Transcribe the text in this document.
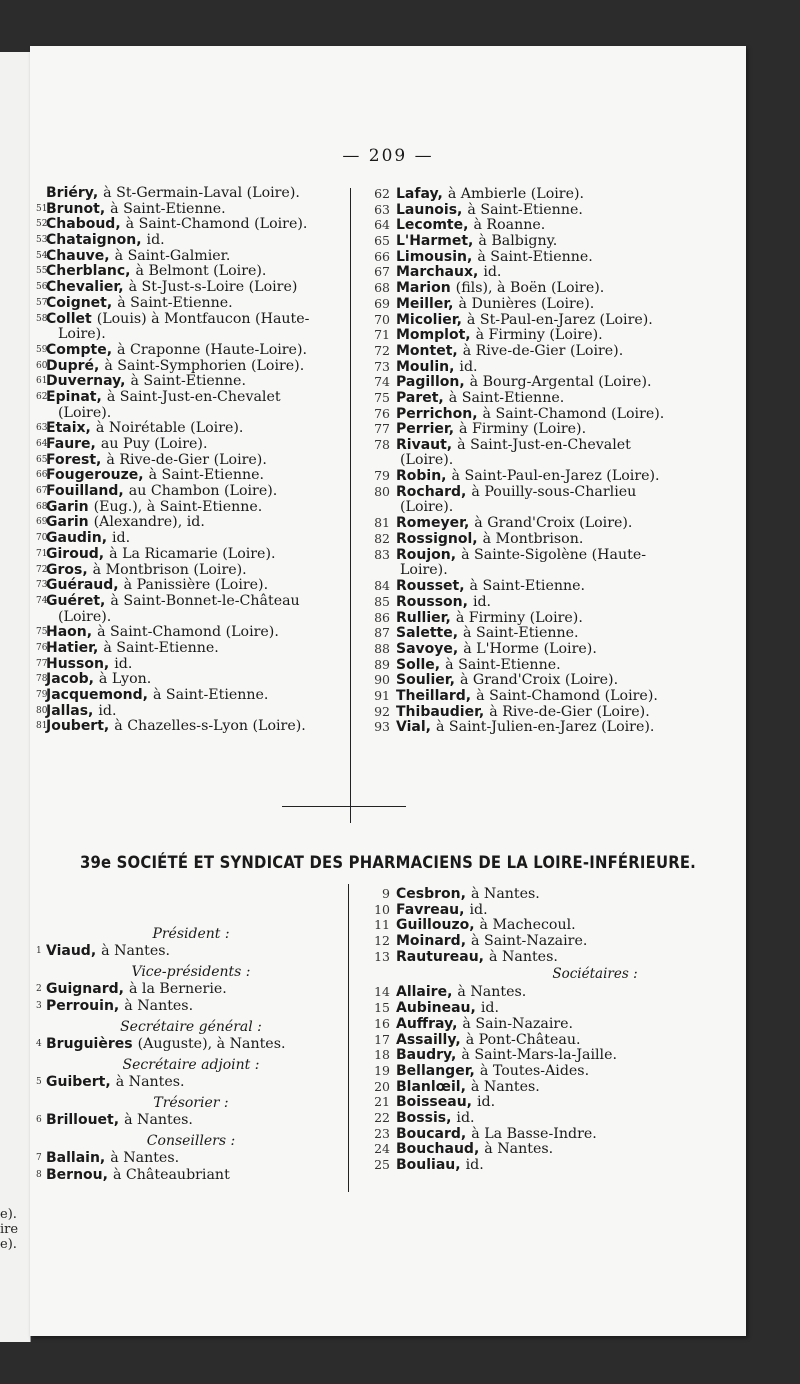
e).
ire
e).
— 209 —
Briéry, à St-Germain-Laval (Loire).
51Brunot, à Saint-Etienne.
52Chaboud, à Saint-Chamond (Loire).
53Chataignon, id.
54Chauve, à Saint-Galmier.
55Cherblanc, à Belmont (Loire).
56Chevalier, à St-Just-s-Loire (Loire)
57Coignet, à Saint-Etienne.
58Collet (Louis) à Montfaucon (Haute-
Loire).
59Compte, à Craponne (Haute-Loire).
60Dupré, à Saint-Symphorien (Loire).
61Duvernay, à Saint-Etienne.
62Epinat, à Saint-Just-en-Chevalet
(Loire).
63Etaix, à Noirétable (Loire).
64Faure, au Puy (Loire).
65Forest, à Rive-de-Gier (Loire).
66Fougerouze, à Saint-Etienne.
67Fouilland, au Chambon (Loire).
68Garin (Eug.), à Saint-Etienne.
69Garin (Alexandre), id.
70Gaudin, id.
71Giroud, à La Ricamarie (Loire).
72Gros, à Montbrison (Loire).
73Guéraud, à Panissière (Loire).
74Guéret, à Saint-Bonnet-le-Château
(Loire).
75Haon, à Saint-Chamond (Loire).
76Hatier, à Saint-Etienne.
77Husson, id.
78Jacob, à Lyon.
79Jacquemond, à Saint-Etienne.
80Jallas, id.
81Joubert, à Chazelles-s-Lyon (Loire).
62 Lafay, à Ambierle (Loire).
63 Launois, à Saint-Etienne.
64 Lecomte, à Roanne.
65 L'Harmet, à Balbigny.
66 Limousin, à Saint-Etienne.
67 Marchaux, id.
68 Marion (fils), à Boën (Loire).
69 Meiller, à Dunières (Loire).
70 Micolier, à St-Paul-en-Jarez (Loire).
71 Momplot, à Firminy (Loire).
72 Montet, à Rive-de-Gier (Loire).
73 Moulin, id.
74 Pagillon, à Bourg-Argental (Loire).
75 Paret, à Saint-Etienne.
76 Perrichon, à Saint-Chamond (Loire).
77 Perrier, à Firminy (Loire).
78 Rivaut, à Saint-Just-en-Chevalet
(Loire).
79 Robin, à Saint-Paul-en-Jarez (Loire).
80 Rochard, à Pouilly-sous-Charlieu
(Loire).
81 Romeyer, à Grand'Croix (Loire).
82 Rossignol, à Montbrison.
83 Roujon, à Sainte-Sigolène (Haute-
Loire).
84 Rousset, à Saint-Etienne.
85 Rousson, id.
86 Rullier, à Firminy (Loire).
87 Salette, à Saint-Etienne.
88 Savoye, à L'Horme (Loire).
89 Solle, à Saint-Etienne.
90 Soulier, à Grand'Croix (Loire).
91 Theillard, à Saint-Chamond (Loire).
92 Thibaudier, à Rive-de-Gier (Loire).
93 Vial, à Saint-Julien-en-Jarez (Loire).
39e SOCIÉTÉ ET SYNDICAT DES PHARMACIENS DE LA LOIRE-INFÉRIEURE.
Président :
1 Viaud, à Nantes.
Vice-présidents :
2 Guignard, à la Bernerie.
3 Perrouin, à Nantes.
Secrétaire général :
4 Bruguières (Auguste), à Nantes.
Secrétaire adjoint :
5 Guibert, à Nantes.
Trésorier :
6 Brillouet, à Nantes.
Conseillers :
7 Ballain, à Nantes.
8 Bernou, à Châteaubriant
9 Cesbron, à Nantes.
10 Favreau, id.
11 Guillouzo, à Machecoul.
12 Moinard, à Saint-Nazaire.
13 Rautureau, à Nantes.
Sociétaires :
14 Allaire, à Nantes.
15 Aubineau, id.
16 Auffray, à Sain-Nazaire.
17 Assailly, à Pont-Château.
18 Baudry, à Saint-Mars-la-Jaille.
19 Bellanger, à Toutes-Aides.
20 Blanlœil, à Nantes.
21 Boisseau, id.
22 Bossis, id.
23 Boucard, à La Basse-Indre.
24 Bouchaud, à Nantes.
25 Bouliau, id.
